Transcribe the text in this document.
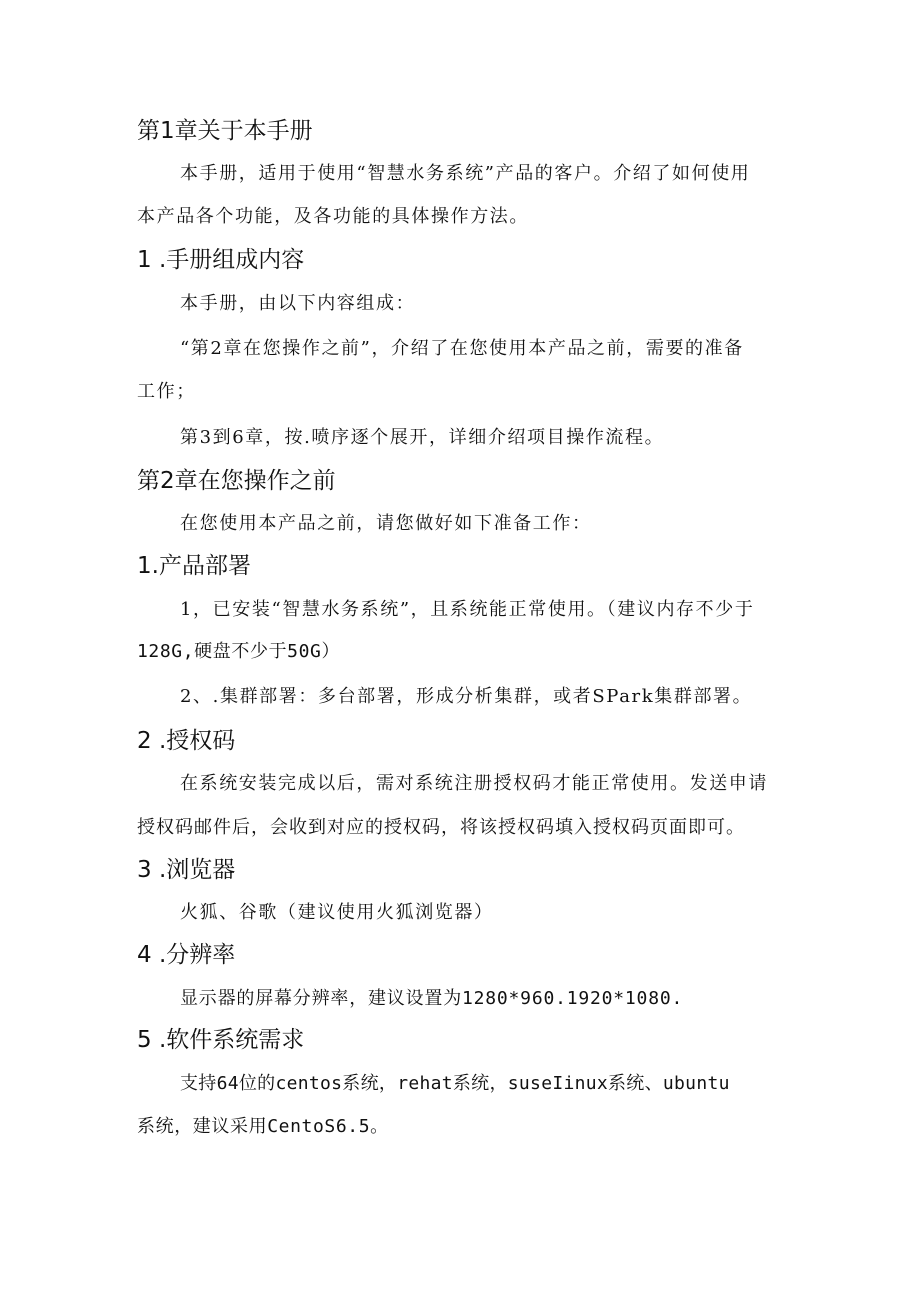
第1章关于本手册

本手册，适用于使用“智慧水务系统”产品的客户。介绍了如何使用

本产品各个功能，及各功能的具体操作方法。

1 .手册组成内容

本手册，由以下内容组成：

“第2章在您操作之前”，介绍了在您使用本产品之前，需要的准备

工作；

第3到6章，按.喷序逐个展开，详细介绍项目操作流程。

第2章在您操作之前

在您使用本产品之前，请您做好如下准备工作：

1.产品部署

1，已安装“智慧水务系统”，且系统能正常使用。（建议内存不少于

128G,硬盘不少于50G）

2、.集群部署：多台部署，形成分析集群，或者SPark集群部署。

2 .授权码

在系统安装完成以后，需对系统注册授权码才能正常使用。发送申请

授权码邮件后，会收到对应的授权码，将该授权码填入授权码页面即可。

3 .浏览器

火狐、谷歌（建议使用火狐浏览器）

4 .分辨率

显示器的屏幕分辨率，建议设置为1280*960.1920*1080.

5 .软件系统需求

支持64位的centos系统，rehat系统，suseIinux系统、ubuntu

系统，建议采用CentoS6.5。
